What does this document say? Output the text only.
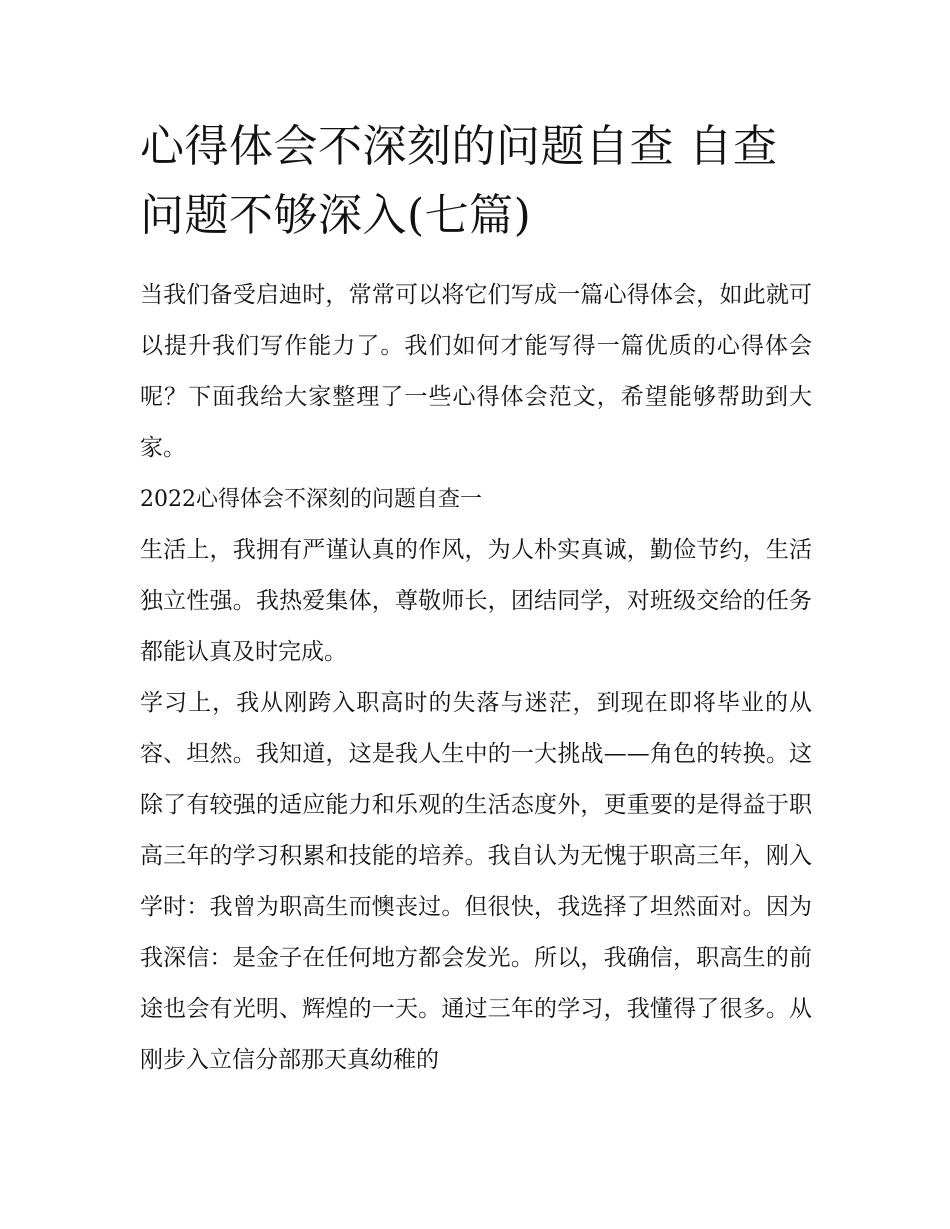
心得体会不深刻的问题自查 自查问题不够深入(七篇)

当我们备受启迪时，常常可以将它们写成一篇心得体会，如此就可以提升我们写作能力了。我们如何才能写得一篇优质的心得体会呢？下面我给大家整理了一些心得体会范文，希望能够帮助到大家。

2022心得体会不深刻的问题自查一

生活上，我拥有严谨认真的作风，为人朴实真诚，勤俭节约，生活独立性强。我热爱集体，尊敬师长，团结同学，对班级交给的任务都能认真及时完成。

学习上，我从刚跨入职高时的失落与迷茫，到现在即将毕业的从容、坦然。我知道，这是我人生中的一大挑战——角色的转换。这除了有较强的适应能力和乐观的生活态度外，更重要的是得益于职高三年的学习积累和技能的培养。我自认为无愧于职高三年，刚入学时：我曾为职高生而懊丧过。但很快，我选择了坦然面对。因为我深信：是金子在任何地方都会发光。所以，我确信，职高生的前途也会有光明、辉煌的一天。通过三年的学习，我懂得了很多。从刚步入立信分部那天真幼稚的
